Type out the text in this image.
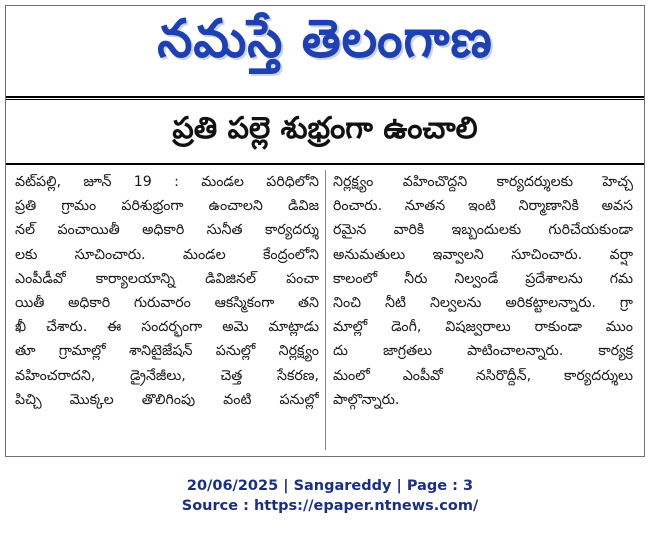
నమస్తే తెలంగాణ
ప్రతి పల్లె శుభ్రంగా ఉంచాలి
వట్‌పల్లి, జూన్ 19 : మండల పరిధిలోని
ప్రతి గ్రామం పరిశుభ్రంగా ఉంచాలని డివిజ
నల్ పంచాయితీ అధికారి సునీత కార్యదర్శు
లకు సూచించారు. మండల కేంద్రంలోని
ఎంపీడీవో కార్యాలయాన్ని డివిజినల్ పంచా
యితీ అధికారి గురువారం ఆకస్మికంగా తని
ఖీ చేశారు. ఈ సందర్భంగా అమె మాట్లాడు
తూ గ్రామాల్లో శానిటైజేషన్ పనుల్లో నిర్లక్ష్యం
వహించరాదని, డ్రైనేజీలు, చెత్త సేకరణ,
పిచ్చి మొక్కల తొలిగింపు వంటి పనుల్లో
నిర్లక్ష్యం వహించొద్దని కార్యదర్శులకు హెచ్చ
రించారు. నూతన ఇంటి నిర్మాణానికి అవస
రమైన వారికి ఇబ్బందులకు గురిచేయకుండా
అనుమతులు ఇవ్వాలని సూచించారు. వర్షా
కాలంలో నీరు నిల్వండే ప్రదేశాలను గమ
నించి నీటి నిల్వలను అరికట్టాలన్నారు. గ్రా
మాల్లో డెంగీ, విషజ్వరాలు రాకుండా ముం
దు జాగ్రతలు పాటించాలన్నారు. కార్యక్ర
మంలో ఎంపీవో నసిరొద్దీన్, కార్యదర్శులు
పాల్గొన్నారు.
20/06/2025 | Sangareddy | Page : 3
Source : https://epaper.ntnews.com/
